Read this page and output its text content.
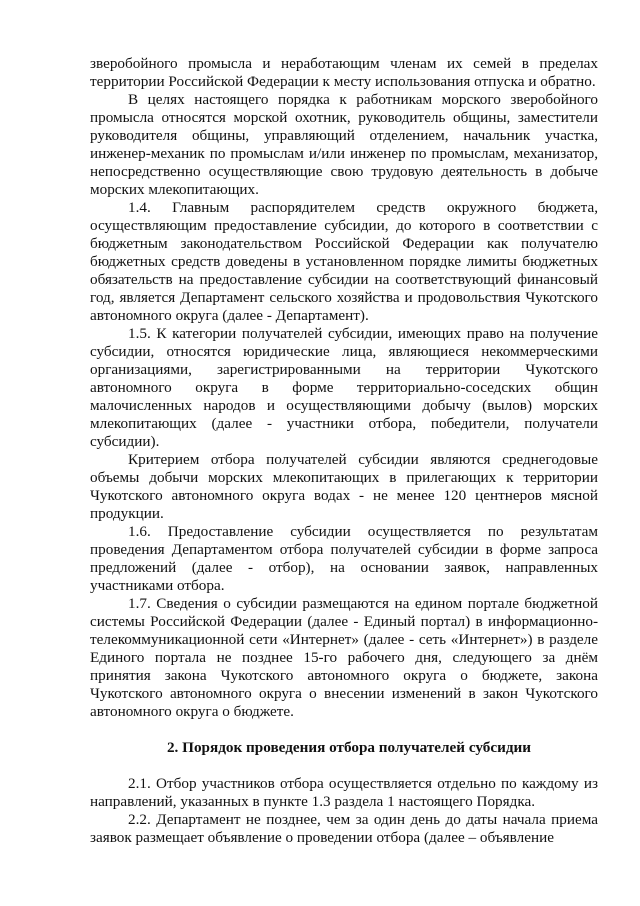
зверобойного промысла и неработающим членам их семей в пределах территории Российской Федерации к месту использования отпуска и обратно.

В целях настоящего порядка к работникам морского зверобойного промысла относятся морской охотник, руководитель общины, заместители руководителя общины, управляющий отделением, начальник участка, инженер-механик по промыслам и/или инженер по промыслам, механизатор, непосредственно осуществляющие свою трудовую деятельность в добыче морских млекопитающих.

1.4. Главным распорядителем средств окружного бюджета, осуществляющим предоставление субсидии, до которого в соответствии с бюджетным законодательством Российской Федерации как получателю бюджетных средств доведены в установленном порядке лимиты бюджетных обязательств на предоставление субсидии на соответствующий финансовый год, является Департамент сельского хозяйства и продовольствия Чукотского автономного округа (далее - Департамент).

1.5. К категории получателей субсидии, имеющих право на получение субсидии, относятся юридические лица, являющиеся некоммерческими организациями, зарегистрированными на территории Чукотского автономного округа в форме территориально-соседских общин малочисленных народов и осуществляющими добычу (вылов) морских млекопитающих (далее - участники отбора, победители, получатели субсидии).

Критерием отбора получателей субсидии являются среднегодовые объемы добычи морских млекопитающих в прилегающих к территории Чукотского автономного округа водах - не менее 120 центнеров мясной продукции.

1.6. Предоставление субсидии осуществляется по результатам проведения Департаментом отбора получателей субсидии в форме запроса предложений (далее - отбор), на основании заявок, направленных участниками отбора.

1.7. Сведения о субсидии размещаются на едином портале бюджетной системы Российской Федерации (далее - Единый портал) в информационно-телекоммуникационной сети «Интернет» (далее - сеть «Интернет») в разделе Единого портала не позднее 15-го рабочего дня, следующего за днём принятия закона Чукотского автономного округа о бюджете, закона Чукотского автономного округа о внесении изменений в закон Чукотского автономного округа о бюджете.

2. Порядок проведения отбора получателей субсидии

2.1. Отбор участников отбора осуществляется отдельно по каждому из направлений, указанных в пункте 1.3 раздела 1 настоящего Порядка.

2.2. Департамент не позднее, чем за один день до даты начала приема заявок размещает объявление о проведении отбора (далее – объявление
